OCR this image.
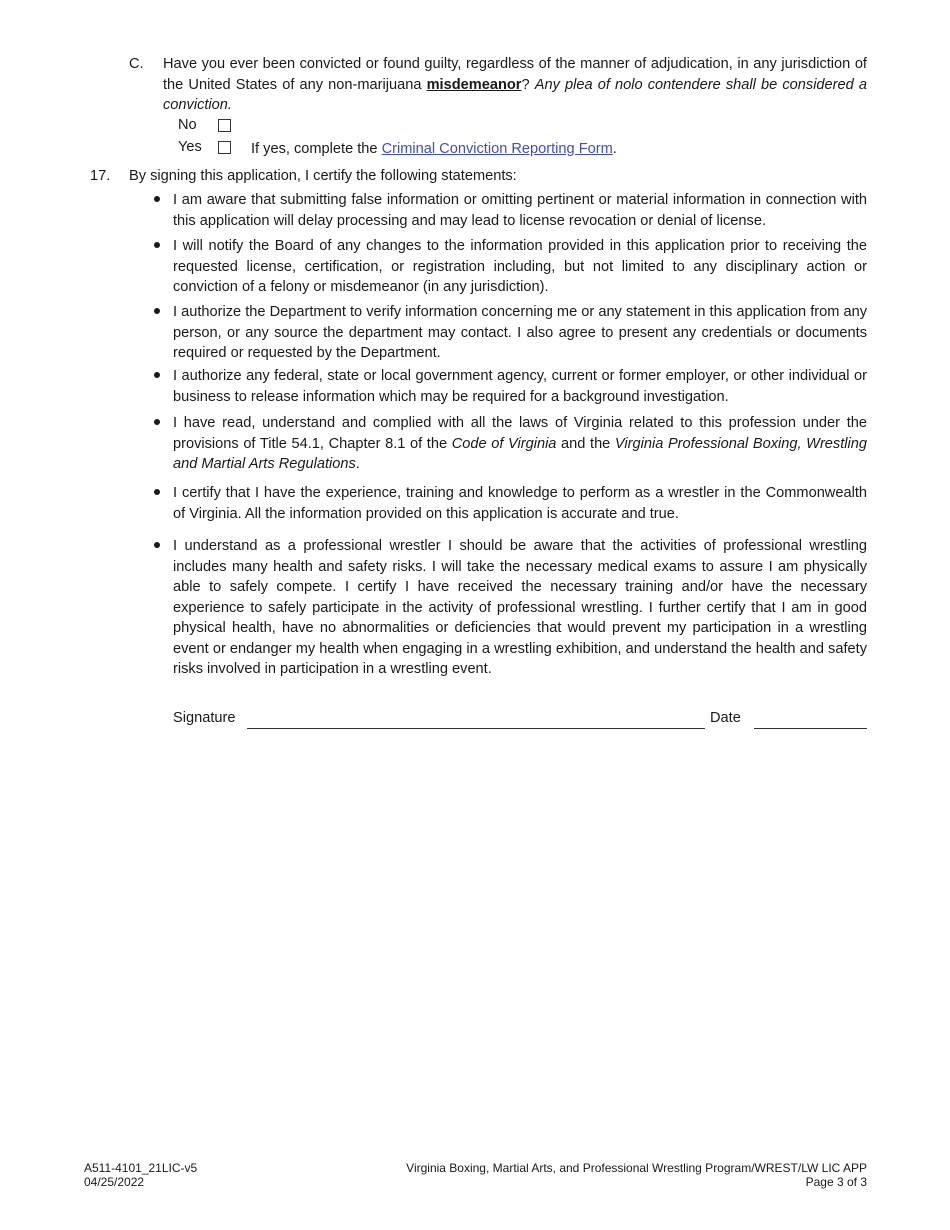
C. Have you ever been convicted or found guilty, regardless of the manner of adjudication, in any jurisdiction of the United States of any non-marijuana misdemeanor? Any plea of nolo contendere shall be considered a conviction.
No
Yes	If yes, complete the Criminal Conviction Reporting Form.
17. By signing this application, I certify the following statements:
I am aware that submitting false information or omitting pertinent or material information in connection with this application will delay processing and may lead to license revocation or denial of license.
I will notify the Board of any changes to the information provided in this application prior to receiving the requested license, certification, or registration including, but not limited to any disciplinary action or conviction of a felony or misdemeanor (in any jurisdiction).
I authorize the Department to verify information concerning me or any statement in this application from any person, or any source the department may contact. I also agree to present any credentials or documents required or requested by the Department.
I authorize any federal, state or local government agency, current or former employer, or other individual or business to release information which may be required for a background investigation.
I have read, understand and complied with all the laws of Virginia related to this profession under the provisions of Title 54.1, Chapter 8.1 of the Code of Virginia and the Virginia Professional Boxing, Wrestling and Martial Arts Regulations.
I certify that I have the experience, training and knowledge to perform as a wrestler in the Commonwealth of Virginia. All the information provided on this application is accurate and true.
I understand as a professional wrestler I should be aware that the activities of professional wrestling includes many health and safety risks. I will take the necessary medical exams to assure I am physically able to safely compete. I certify I have received the necessary training and/or have the necessary experience to safely participate in the activity of professional wrestling. I further certify that I am in good physical health, have no abnormalities or deficiencies that would prevent my participation in a wrestling event or endanger my health when engaging in a wrestling exhibition, and understand the health and safety risks involved in participation in a wrestling event.
Signature	Date
A511-4101_21LIC-v5
04/25/2022
Virginia Boxing, Martial Arts, and Professional Wrestling Program/WREST/LW LIC APP
Page 3 of 3
